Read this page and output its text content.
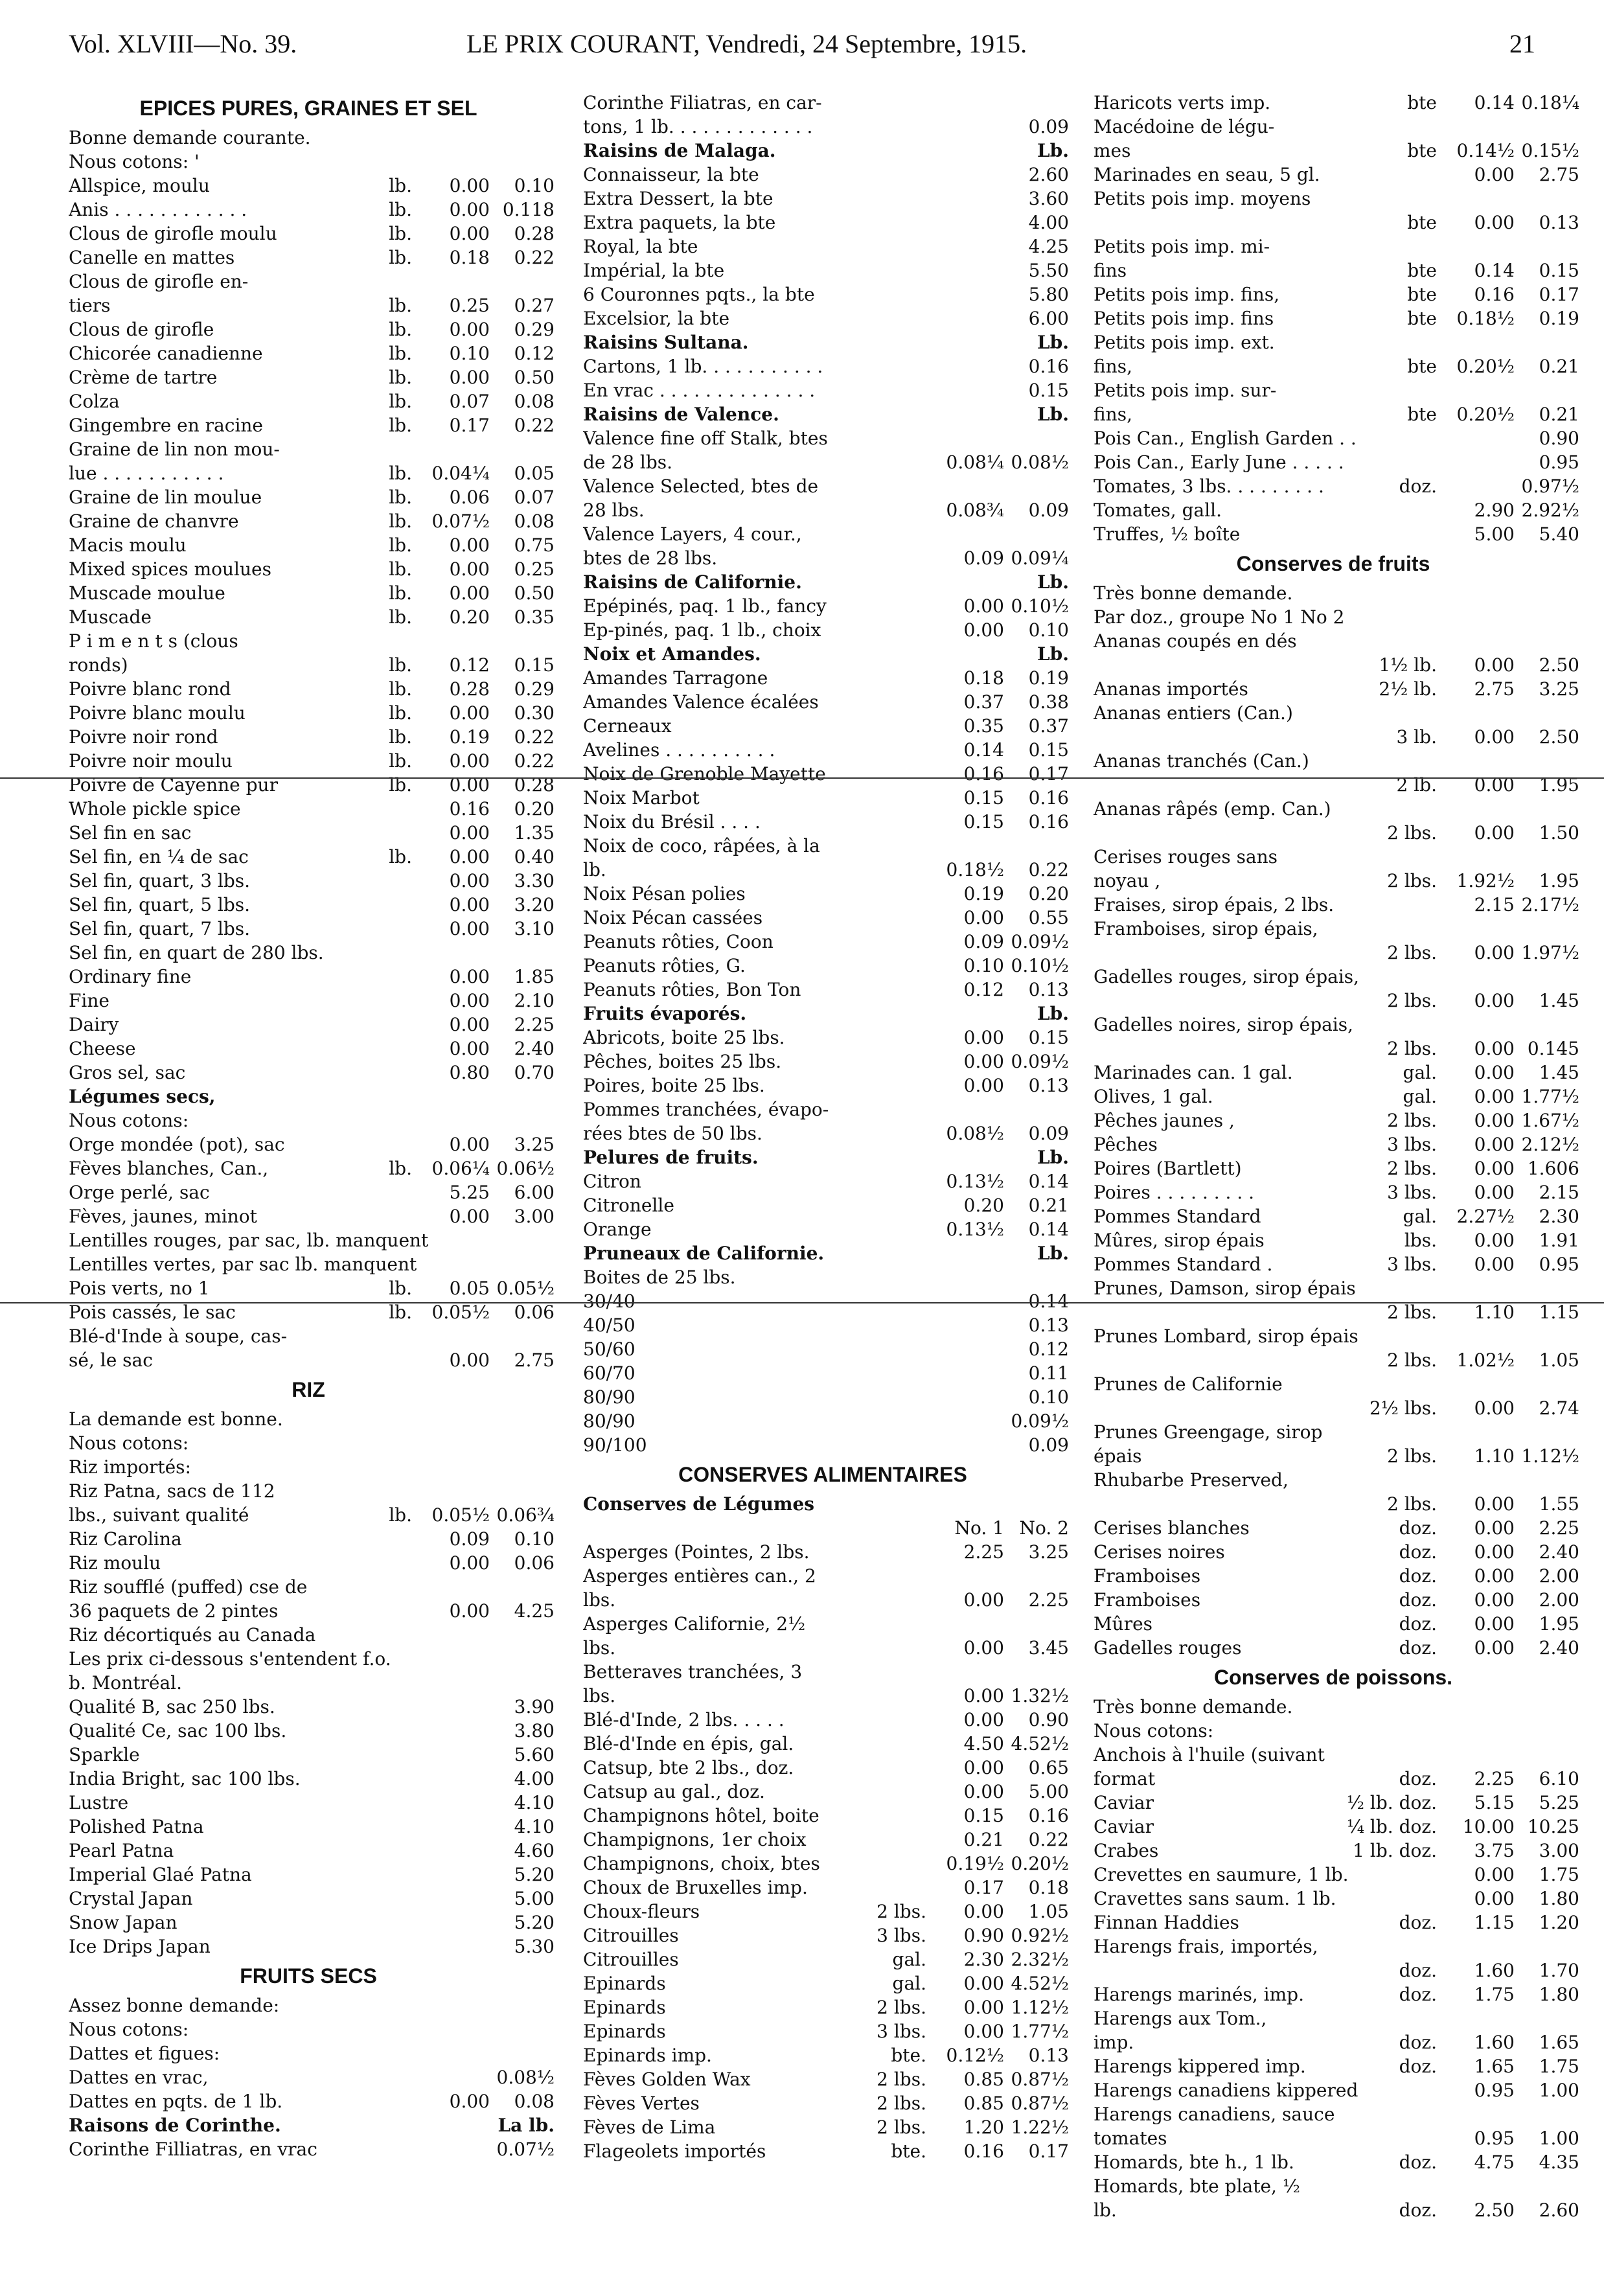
Vol. XLVIII—No. 39.	LE PRIX COURANT, Vendredi, 24 Septembre, 1915.	21
EPICES PURES, GRAINES ET SEL
Bonne demande courante.
Nous cotons: '
Allspice, moulu	lb.	0.00	0.10
Anis . . . . . . . . . . . .	lb.	0.00 0.118
Clous de girofle moulu	lb.	0.00	0.28
Canelle en mattes	lb.	0.18	0.22
Clous de girofle en-
tiers	lb.	0.25	0.27
Clous de girofle	lb.	0.00	0.29
Chicorée canadienne	lb.	0.10	0.12
Crème de tartre	lb.	0.00	0.50
Colza	lb.	0.07	0.08
Gingembre en racine	lb.	0.17	0.22
Graine de lin non mou-
lue . . . . . . . . . . .	lb.	0.04¼	0.05
Graine de lin moulue	lb.	0.06	0.07
Graine de chanvre	lb.	0.07½	0.08
Macis moulu	lb.	0.00	0.75
Mixed spices moulues	lb.	0.00	0.25
Muscade moulue	lb.	0.00	0.50
Muscade	lb.	0.20	0.35
P i m e n t s (clous
ronds)	lb.	0.12	0.15
Poivre blanc rond	lb.	0.28	0.29
Poivre blanc moulu	lb.	0.00	0.30
Poivre noir rond	lb.	0.19	0.22
Poivre noir moulu	lb.	0.00	0.22
Poivre de Cayenne pur	lb.	0.00	0.28
Whole pickle spice	0.16	0.20
Sel fin en sac	0.00	1.35
Sel fin, en ¼ de sac	lb.	0.00	0.40
Sel fin, quart, 3 lbs.	0.00	3.30
Sel fin, quart, 5 lbs.	0.00	3.20
Sel fin, quart, 7 lbs.	0.00	3.10
Sel fin, en quart de 280 lbs.
Ordinary fine	0.00	1.85
Fine	0.00	2.10
Dairy	0.00	2.25
Cheese	0.00	2.40
Gros sel, sac	0.80	0.70
Légumes secs,
Nous cotons:
Orge mondée (pot), sac	0.00	3.25
Fèves blanches, Can.,	lb.	0.06¼ 0.06½
Orge perlé, sac	5.25	6.00
Fèves, jaunes, minot	0.00	3.00
Lentilles rouges, par sac, lb. manquent
Lentilles vertes, par sac lb. manquent
Pois verts, no 1	lb.	0.05 0.05½
Pois cassés, le sac	lb.	0.05½	0.06
Blé-d'Inde à soupe, cas-
sé, le sac	0.00	2.75
RIZ
La demande est bonne.
Nous cotons:
Riz importés:
Riz Patna, sacs de 112
lbs., suivant qualité	lb.	0.05½ 0.06¾
Riz Carolina	0.09	0.10
Riz moulu	0.00	0.06
Riz soufflé (puffed) cse de
36 paquets de 2 pintes	0.00	4.25
Riz décortiqués au Canada
Les prix ci-dessous s'entendent f.o.
b. Montréal.
Qualité B, sac 250 lbs.	3.90
Qualité Ce, sac 100 lbs.	3.80
Sparkle	5.60
India Bright, sac 100 lbs.	4.00
Lustre	4.10
Polished Patna	4.10
Pearl Patna	4.60
Imperial Glaé Patna	5.20
Crystal Japan	5.00
Snow Japan	5.20
Ice Drips Japan	5.30
FRUITS SECS
Assez bonne demande:
Nous cotons:
Dattes et figues:
Dattes en vrac,	0.08½
Dattes en pqts. de 1 lb.	0.00	0.08
Raisons de Corinthe.	La lb.
Corinthe Filliatras, en vrac	0.07½
Corinthe Filiatras, en car-
tons, 1 lb. . . . . . . . . . . . .	0.09
Raisins de Malaga.	Lb.
Connaisseur, la bte	2.60
Extra Dessert, la bte	3.60
Extra paquets, la bte	4.00
Royal, la bte	4.25
Impérial, la bte	5.50
6 Couronnes pqts., la bte	5.80
Excelsior, la bte	6.00
Raisins Sultana.	Lb.
Cartons, 1 lb. . . . . . . . . . .	0.16
En vrac . . . . . . . . . . . . . .	0.15
Raisins de Valence.	Lb.
Valence fine off Stalk, btes
de 28 lbs.	0.08¼ 0.08½
Valence Selected, btes de
28 lbs.	0.08¾	0.09
Valence Layers, 4 cour.,
btes de 28 lbs.	0.09 0.09¼
Raisins de Californie.	Lb.
Epépinés, paq. 1 lb., fancy	0.00 0.10½
Ep-pinés, paq. 1 lb., choix	0.00	0.10
Noix et Amandes.	Lb.
Amandes Tarragone	0.18	0.19
Amandes Valence écalées	0.37	0.38
Cerneaux	0.35	0.37
Avelines . . . . . . . . . .	0.14	0.15
Noix de Grenoble Mayette	0.16	0.17
Noix Marbot	0.15	0.16
Noix du Brésil . . . .	0.15	0.16
Noix de coco, râpées, à la
lb.	0.18½	0.22
Noix Pésan polies	0.19	0.20
Noix Pécan cassées	0.00	0.55
Peanuts rôties, Coon	0.09 0.09½
Peanuts rôties, G.	0.10 0.10½
Peanuts rôties, Bon Ton	0.12	0.13
Fruits évaporés.	Lb.
Abricots, boite 25 lbs.	0.00	0.15
Pêches, boites 25 lbs.	0.00 0.09½
Poires, boite 25 lbs.	0.00	0.13
Pommes tranchées, évapo-
rées btes de 50 lbs.	0.08½	0.09
Pelures de fruits.	Lb.
Citron	0.13½	0.14
Citronelle	0.20	0.21
Orange	0.13½	0.14
Pruneaux de Californie.	Lb.
Boites de 25 lbs.
30/40	0.14
40/50	0.13
50/60	0.12
60/70	0.11
80/90	0.10
80/90	0.09½
90/100	0.09
CONSERVES ALIMENTAIRES
Conserves de Légumes
No. 1 No. 2
Asperges (Pointes, 2 lbs.	2.25	3.25
Asperges entières can., 2
lbs.	0.00	2.25
Asperges Californie, 2½
lbs.	0.00	3.45
Betteraves tranchées, 3
lbs.	0.00 1.32½
Blé-d'Inde, 2 lbs. . . . .	0.00	0.90
Blé-d'Inde en épis, gal.	4.50 4.52½
Catsup, bte 2 lbs., doz.	0.00	0.65
Catsup au gal., doz.	0.00	5.00
Champignons hôtel, boite	0.15	0.16
Champignons, 1er choix	0.21	0.22
Champignons, choix, btes	0.19½ 0.20½
Choux de Bruxelles imp.	0.17	0.18
Choux-fleurs	2 lbs.	0.00	1.05
Citrouilles	3 lbs.	0.90 0.92½
Citrouilles	gal.	2.30 2.32½
Epinards	gal.	0.00 4.52½
Epinards	2 lbs.	0.00 1.12½
Epinards	3 lbs.	0.00 1.77½
Epinards imp.	bte.	0.12½	0.13
Fèves Golden Wax	2 lbs.	0.85 0.87½
Fèves Vertes	2 lbs.	0.85 0.87½
Fèves de Lima	2 lbs.	1.20 1.22½
Flageolets importés	bte.	0.16	0.17
Haricots verts imp.	bte	0.14 0.18¼
Macédoine de légu-
mes	bte	0.14½ 0.15½
Marinades en seau, 5 gl.	0.00	2.75
Petits pois imp. moyens
bte	0.00	0.13
Petits pois imp. mi-
fins	bte	0.14	0.15
Petits pois imp. fins,	bte	0.16	0.17
Petits pois imp. fins	bte	0.18½	0.19
Petits pois imp. ext.
fins,	bte	0.20½	0.21
Petits pois imp. sur-
fins,	bte	0.20½	0.21
Pois Can., English Garden . .	0.90
Pois Can., Early June . . . . .	0.95
Tomates, 3 lbs. . . . . . . . .	doz.	0.97½
Tomates, gall.	2.90 2.92½
Truffes, ½ boîte	5.00	5.40
Conserves de fruits
Très bonne demande.
Par doz., groupe No 1 No 2
Ananas coupés en dés
1½ lb.	0.00	2.50
Ananas importés	2½ lb.	2.75	3.25
Ananas entiers (Can.)
3 lb.	0.00	2.50
Ananas tranchés (Can.)
2 lb.	0.00	1.95
Ananas râpés (emp. Can.)
2 lbs.	0.00	1.50
Cerises rouges sans
noyau ,	2 lbs.	1.92½	1.95
Fraises, sirop épais, 2 lbs.	2.15 2.17½
Framboises, sirop épais,
2 lbs.	0.00 1.97½
Gadelles rouges, sirop épais,
2 lbs.	0.00	1.45
Gadelles noires, sirop épais,
2 lbs.	0.00 0.145
Marinades can. 1 gal.	gal.	0.00	1.45
Olives, 1 gal.	gal.	0.00 1.77½
Pêches jaunes ,	2 lbs.	0.00 1.67½
Pêches	3 lbs.	0.00 2.12½
Poires (Bartlett)	2 lbs.	0.00 1.606
Poires . . . . . . . . .	3 lbs.	0.00	2.15
Pommes Standard	gal.	2.27½	2.30
Mûres, sirop épais	lbs.	0.00	1.91
Pommes Standard .	3 lbs.	0.00	0.95
Prunes, Damson, sirop épais
2 lbs.	1.10	1.15
Prunes Lombard, sirop épais
2 lbs.	1.02½	1.05
Prunes de Californie
2½ lbs.	0.00	2.74
Prunes Greengage, sirop
épais	2 lbs.	1.10 1.12½
Rhubarbe Preserved,
2 lbs.	0.00	1.55
Cerises blanches	doz.	0.00	2.25
Cerises noires	doz.	0.00	2.40
Framboises	doz.	0.00	2.00
Framboises	doz.	0.00	2.00
Mûres	doz.	0.00	1.95
Gadelles rouges	doz.	0.00	2.40
Conserves de poissons.
Très bonne demande.
Nous cotons:
Anchois à l'huile (suivant
format	doz.	2.25	6.10
Caviar	½ lb. doz.	5.15	5.25
Caviar	¼ lb. doz.	10.00 10.25
Crabes	1 lb. doz.	3.75	3.00
Crevettes en saumure, 1 lb.	0.00	1.75
Cravettes sans saum. 1 lb.	0.00	1.80
Finnan Haddies	doz.	1.15	1.20
Harengs frais, importés,
doz.	1.60	1.70
Harengs marinés, imp.	doz.	1.75	1.80
Harengs aux Tom.,
imp.	doz.	1.60	1.65
Harengs kippered imp.	doz.	1.65	1.75
Harengs canadiens kippered	0.95	1.00
Harengs canadiens, sauce
tomates	0.95	1.00
Homards, bte h., 1 lb.	doz.	4.75	4.35
Homards, bte plate, ½
lb.	doz.	2.50	2.60
